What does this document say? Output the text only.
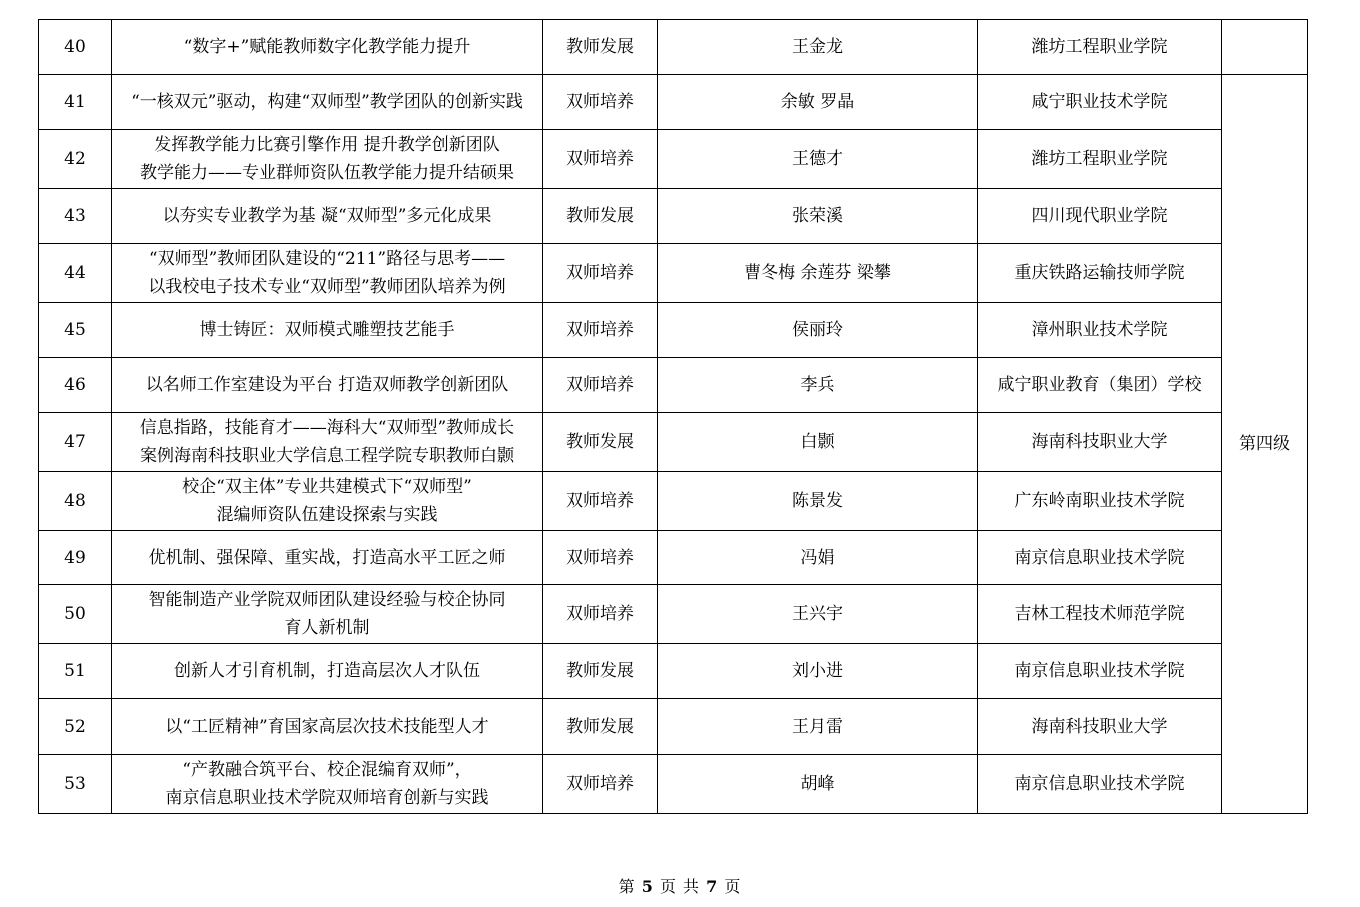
40	“数字+”赋能教师数字化教学能力提升	教师发展	王金龙	潍坊工程职业学院	
41	“一核双元”驱动，构建“双师型”教学团队的创新实践	双师培养	余敏 罗晶	咸宁职业技术学院	第四级
42	发挥教学能力比赛引擎作用 提升教学创新团队
教学能力——专业群师资队伍教学能力提升结硕果	双师培养	王德才	潍坊工程职业学院	
43	以夯实专业教学为基 凝“双师型”多元化成果	教师发展	张荣溪	四川现代职业学院	
44	“双师型”教师团队建设的“211”路径与思考——
以我校电子技术专业“双师型”教师团队培养为例	双师培养	曹冬梅 余莲芬 梁攀	重庆铁路运输技师学院	
45	博士铸匠：双师模式雕塑技艺能手	双师培养	侯丽玲	漳州职业技术学院	
46	以名师工作室建设为平台 打造双师教学创新团队	双师培养	李兵	咸宁职业教育（集团）学校	
47	信息指路，技能育才——海科大“双师型”教师成长
案例海南科技职业大学信息工程学院专职教师白颢	教师发展	白颢	海南科技职业大学	
48	校企“双主体”专业共建模式下“双师型”
混编师资队伍建设探索与实践	双师培养	陈景发	广东岭南职业技术学院	
49	优机制、强保障、重实战，打造高水平工匠之师	双师培养	冯娟	南京信息职业技术学院	
50	智能制造产业学院双师团队建设经验与校企协同
育人新机制	双师培养	王兴宇	吉林工程技术师范学院	
51	创新人才引育机制，打造高层次人才队伍	教师发展	刘小进	南京信息职业技术学院	
52	以“工匠精神”育国家高层次技术技能型人才	教师发展	王月雷	海南科技职业大学	
53	“产教融合筑平台、校企混编育双师”，
南京信息职业技术学院双师培育创新与实践	双师培养	胡峰	南京信息职业技术学院	
第 5 页 共 7 页
